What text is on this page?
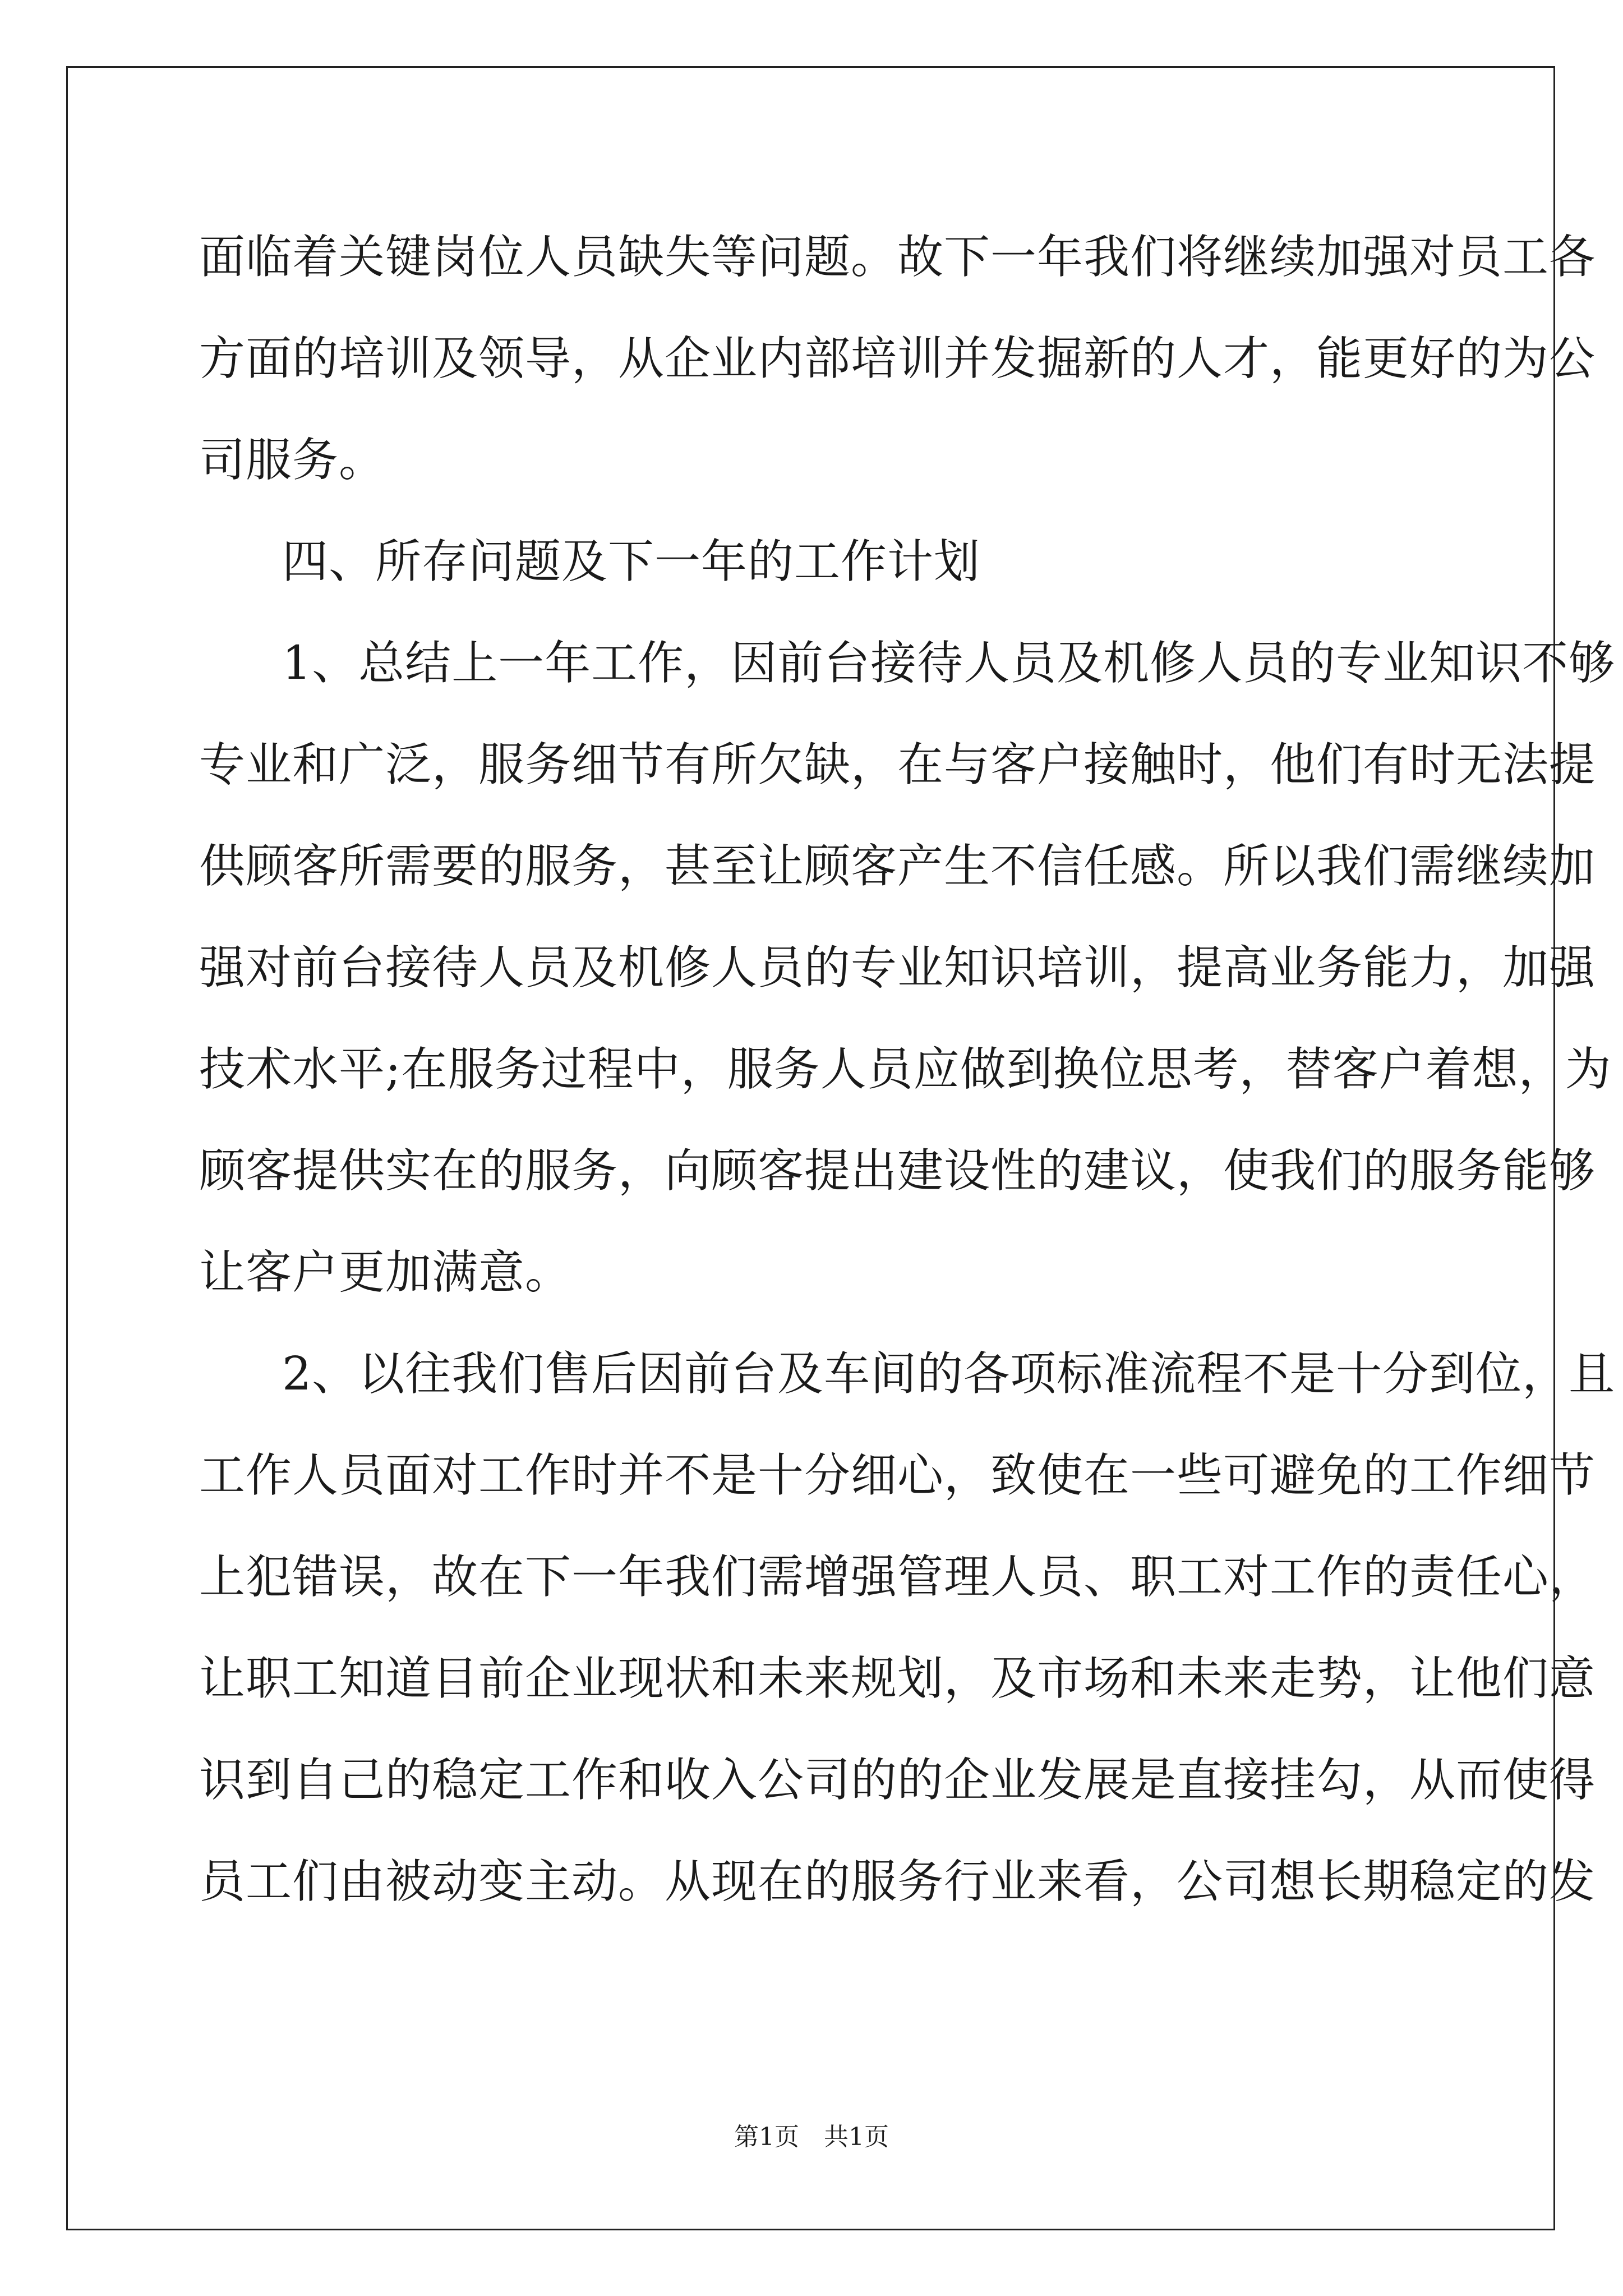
面临着关键岗位人员缺失等问题。故下一年我们将继续加强对员工各
方面的培训及领导，从企业内部培训并发掘新的人才，能更好的为公
司服务。
四、所存问题及下一年的工作计划
1、总结上一年工作，因前台接待人员及机修人员的专业知识不够
专业和广泛，服务细节有所欠缺，在与客户接触时，他们有时无法提
供顾客所需要的服务，甚至让顾客产生不信任感。所以我们需继续加
强对前台接待人员及机修人员的专业知识培训，提高业务能力，加强
技术水平;在服务过程中，服务人员应做到换位思考，替客户着想，为
顾客提供实在的服务，向顾客提出建设性的建议，使我们的服务能够
让客户更加满意。
2、以往我们售后因前台及车间的各项标准流程不是十分到位，且
工作人员面对工作时并不是十分细心，致使在一些可避免的工作细节
上犯错误，故在下一年我们需增强管理人员、职工对工作的责任心，
让职工知道目前企业现状和未来规划，及市场和未来走势，让他们意
识到自己的稳定工作和收入公司的的企业发展是直接挂勾，从而使得
员工们由被动变主动。从现在的服务行业来看，公司想长期稳定的发
第1页 共1页
